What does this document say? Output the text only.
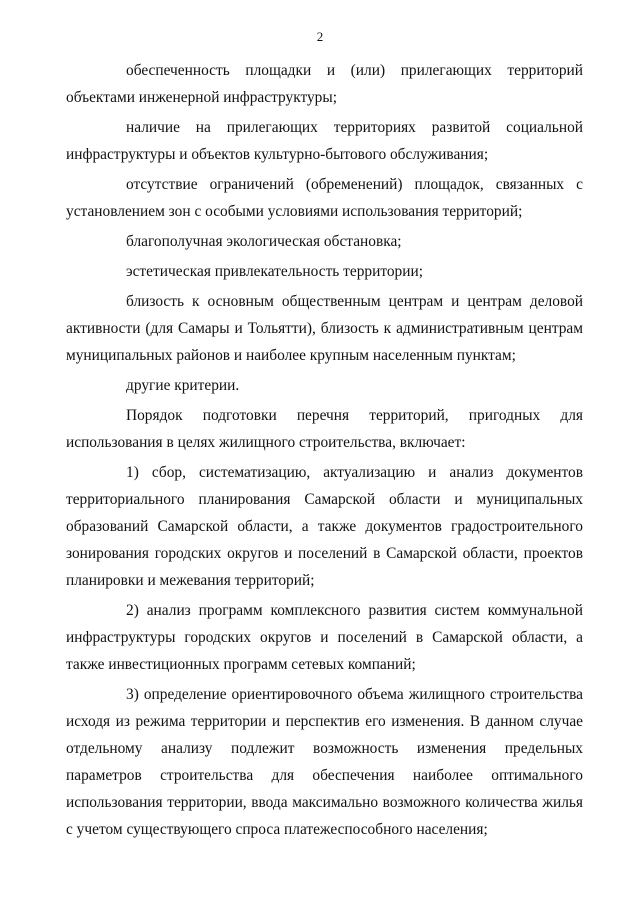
2

обеспеченность площадки и (или) прилегающих территорий объектами инженерной инфраструктуры;

наличие на прилегающих территориях развитой социальной инфраструктуры и объектов культурно-бытового обслуживания;

отсутствие ограничений (обременений) площадок, связанных с установлением зон с особыми условиями использования территорий;

благополучная экологическая обстановка;

эстетическая привлекательность территории;

близость к основным общественным центрам и центрам деловой активности (для Самары и Тольятти), близость к административным центрам муниципальных районов и наиболее крупным населенным пунктам;

другие критерии.

Порядок подготовки перечня территорий, пригодных для использования в целях жилищного строительства, включает:

1) сбор, систематизацию, актуализацию и анализ документов территориального планирования Самарской области и муниципальных образований Самарской области, а также документов градостроительного зонирования городских округов и поселений в Самарской области, проектов планировки и межевания территорий;

2) анализ программ комплексного развития систем коммунальной инфраструктуры городских округов и поселений в Самарской области, а также инвестиционных программ сетевых компаний;

3) определение ориентировочного объема жилищного строительства исходя из режима территории и перспектив его изменения. В данном случае отдельному анализу подлежит возможность изменения предельных параметров строительства для обеспечения наиболее оптимального использования территории, ввода максимально возможного количества жилья с учетом существующего спроса платежеспособного населения;
